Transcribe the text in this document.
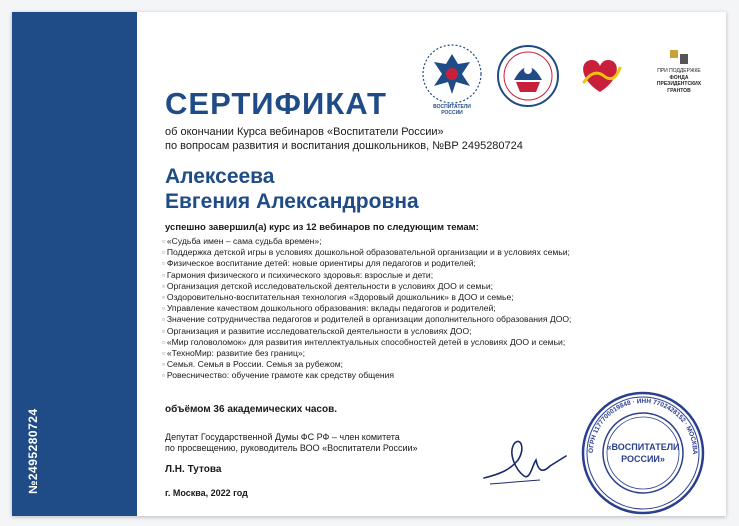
№2495280724
ВОСПИТАТЕЛИ РОССИИ
ПРИ ПОДДЕРЖКЕ
ФОНДА
ПРЕЗИДЕНТСКИХ
ГРАНТОВ
СЕРТИФИКАТ
об окончании Курса вебинаров «Воспитатели России»
по вопросам развития и воспитания дошкольников, №ВР 2495280724
Алексеева
Евгения Александровна
успешно завершил(а) курс из 12 вебинаров по следующим темам:
▫ «Судьба имен – сама судьба времен»;
▫ Поддержка детской игры в условиях дошкольной образовательной организации и в условиях семьи;
▫ Физическое воспитание детей: новые ориентиры для педагогов и родителей;
▫ Гармония физического и психического здоровья: взрослые и дети;
▫ Организация детской исследовательской деятельности в условиях ДОО и семьи;
▫ Оздоровительно-воспитательная технология «Здоровый дошкольник» в ДОО и семье;
▫ Управление качеством дошкольного образования: вклады педагогов и родителей;
▫ Значение сотрудничества педагогов и родителей в организации дополнительного образования ДОО;
▫ Организация и развитие исследовательской деятельности в условиях ДОО;
▫ «Мир головоломок» для развития интеллектуальных способностей детей в условиях ДОО и семьи;
▫ «ТехноМир: развитие без границ»;
▫ Семья. Семья в России. Семья за рубежом;
▫ Ровесничество: обучение грамоте как средству общения
объёмом 36 академических часов.
Депутат Государственной Думы ФС РФ – член комитета
по просвещению, руководитель ВОО «Воспитатели России»
Л.Н. Тутова
г. Москва, 2022 год
ОГРН 1177700019848 · ИНН 7702428152 · МОСКВА
«ВОСПИТАТЕЛИ
РОССИИ»
